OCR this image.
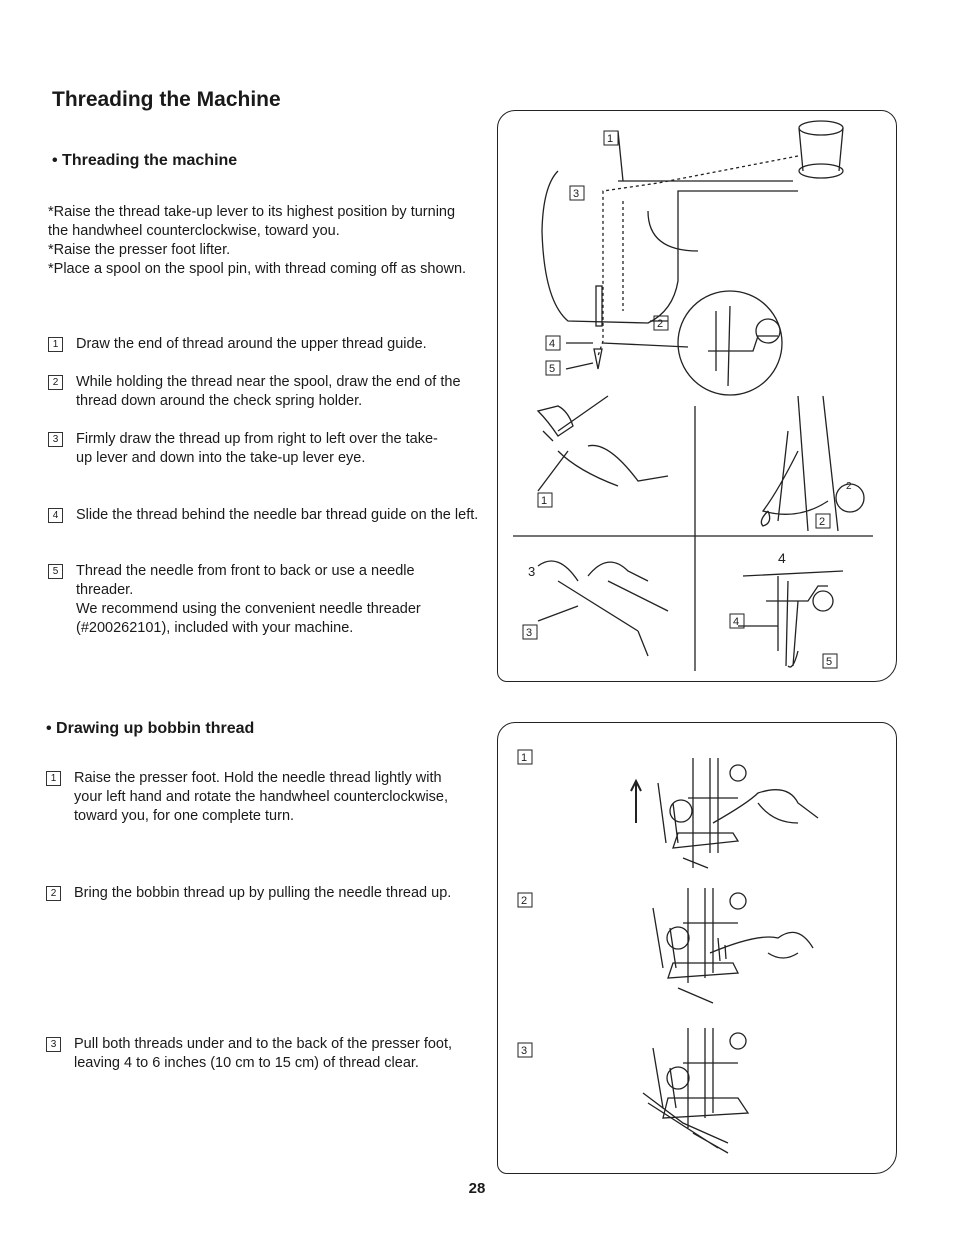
Threading the Machine
• Threading the machine

*Raise the thread take-up lever to its highest position by turning the handwheel counterclockwise, toward you.

*Raise the presser foot lifter.

*Place a spool on the spool pin, with thread coming off as shown.

1	Draw the end of thread around the upper thread guide.
2	While holding the thread near the spool, draw the end of the thread down around the check spring holder.
3	Firmly draw the thread up from right to left over the take-up lever and down into the take-up lever eye.
4	Slide the thread behind the needle bar thread guide on the left.
5	Thread the needle from front to back or use a needle threader.
We recommend using the convenient needle threader (#200262101), included with your machine.
1
3
2
4
5
1
2
3
4
5
2
3
4
• Drawing up bobbin thread
1	Raise the presser foot. Hold the needle thread lightly with your left hand and rotate the handwheel counterclockwise, toward you, for one complete turn.
2	Bring the bobbin thread up by pulling the needle thread up.
3	Pull both threads under and to the back of the presser foot, leaving 4 to 6 inches (10 cm to 15 cm) of thread clear.
1
2
3
28
